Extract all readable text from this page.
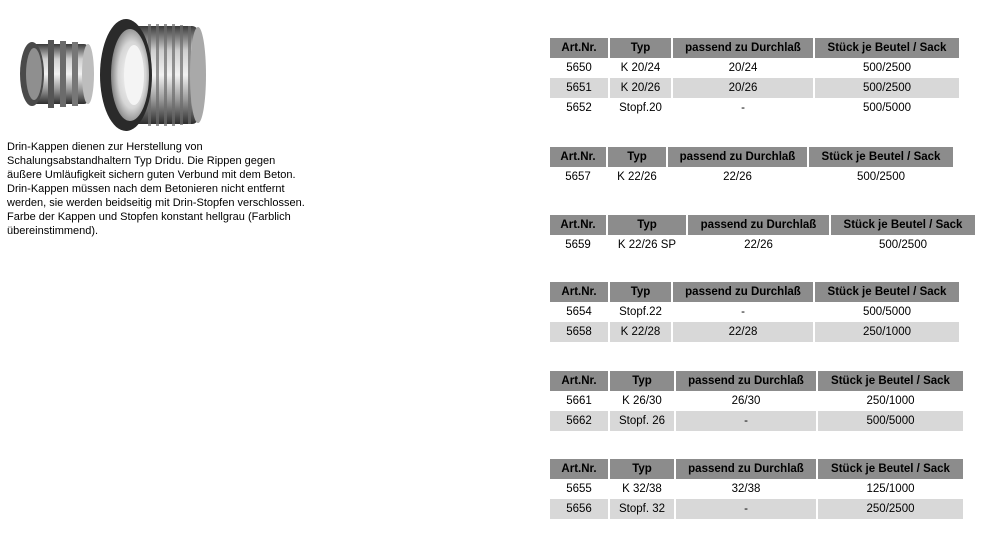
Drin-Kappen dienen zur Herstellung von Schalungsabstandhaltern Typ Dridu. Die Rippen gegen äußere Umläufigkeit sichern guten Verbund mit dem Beton. Drin-Kappen müssen nach dem Betonieren nicht entfernt werden, sie werden beidseitig mit Drin-Stopfen verschlossen. Farbe der Kappen und Stopfen konstant hellgrau (Farblich übereinstimmend).
Art.Nr.	Typ	passend zu Durchlaß	Stück je Beutel / Sack
5650	K 20/24	20/24	500/2500
5651	K 20/26	20/26	500/2500
5652	Stopf.20	-	500/5000
Art.Nr.	Typ	passend zu Durchlaß	Stück je Beutel / Sack
5657	K 22/26	22/26	500/2500
Art.Nr.	Typ	passend zu Durchlaß	Stück je Beutel / Sack
5659	K 22/26 SP	22/26	500/2500
Art.Nr.	Typ	passend zu Durchlaß	Stück je Beutel / Sack
5654	Stopf.22	-	500/5000
5658	K 22/28	22/28	250/1000
Art.Nr.	Typ	passend zu Durchlaß	Stück je Beutel / Sack
5661	K 26/30	26/30	250/1000
5662	Stopf. 26	-	500/5000
Art.Nr.	Typ	passend zu Durchlaß	Stück je Beutel / Sack
5655	K 32/38	32/38	125/1000
5656	Stopf. 32	-	250/2500
